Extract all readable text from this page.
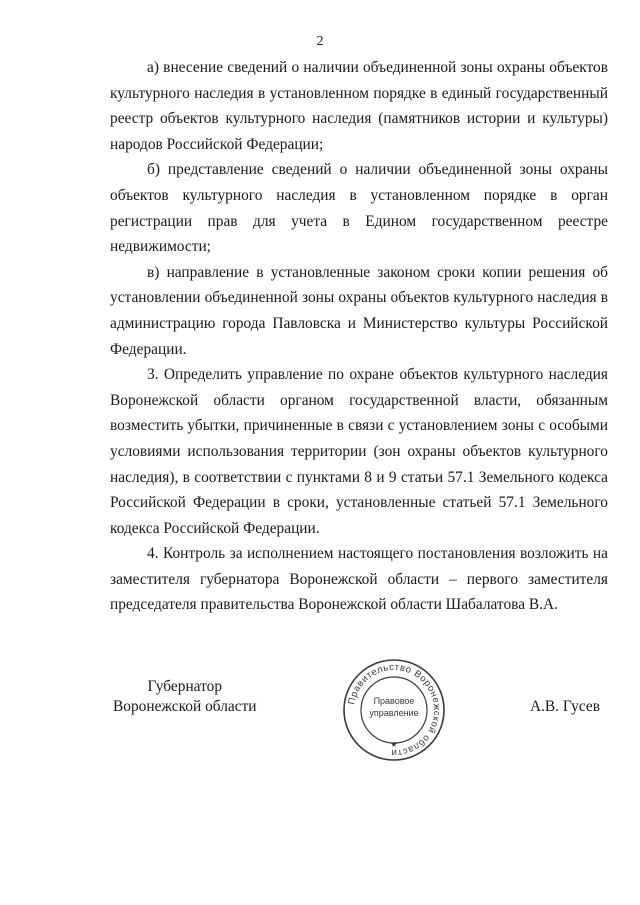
2

а) внесение сведений о наличии объединенной зоны охраны объектов культурного наследия в установленном порядке в единый государственный реестр объектов культурного наследия (памятников истории и культуры) народов Российской Федерации;

б) представление сведений о наличии объединенной зоны охраны объектов культурного наследия в установленном порядке в орган регистрации прав для учета в Едином государственном реестре недвижимости;

в) направление в установленные законом сроки копии решения об установлении объединенной зоны охраны объектов культурного наследия в администрацию города Павловска и Министерство культуры Российской Федерации.

3. Определить управление по охране объектов культурного наследия Воронежской области органом государственной власти, обязанным возместить убытки, причиненные в связи с установлением зоны с особыми условиями использования территории (зон охраны объектов культурного наследия), в соответствии с пунктами 8 и 9 статьи 57.1 Земельного кодекса Российской Федерации в сроки, установленные статьей 57.1 Земельного кодекса Российской Федерации.

4. Контроль за исполнением настоящего постановления возложить на заместителя губернатора Воронежской области – первого заместителя председателя правительства Воронежской области Шабалатова В.А.

Губернатор
Воронежской области	Правительство Воронежской области
Правовое
управление
★
А.В. Гусев
